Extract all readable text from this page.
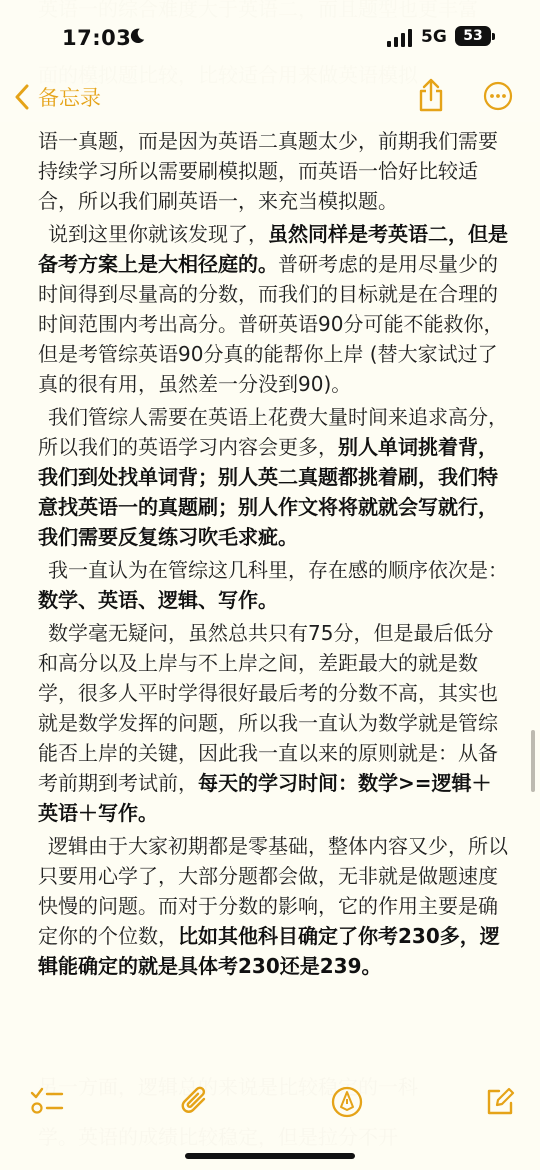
17:03	5G	53
备忘录

语一真题，而是因为英语二真题太少，前期我们需要持续学习所以需要刷模拟题，而英语一恰好比较适合，所以我们刷英语一，来充当模拟题。

说到这里你就该发现了，虽然同样是考英语二，但是备考方案上是大相径庭的。普研考虑的是用尽量少的时间得到尽量高的分数，而我们的目标就是在合理的时间范围内考出高分。普研英语90分可能不能救你，但是考管综英语90分真的能帮你上岸 (替大家试过了真的很有用，虽然差一分没到90)。

我们管综人需要在英语上花费大量时间来追求高分，所以我们的英语学习内容会更多，别人单词挑着背，我们到处找单词背；别人英二真题都挑着刷，我们特意找英语一的真题刷；别人作文将将就就会写就行，我们需要反复练习吹毛求疵。

我一直认为在管综这几科里，存在感的顺序依次是：数学、英语、逻辑、写作。

数学毫无疑问，虽然总共只有75分，但是最后低分和高分以及上岸与不上岸之间，差距最大的就是数学，很多人平时学得很好最后考的分数不高，其实也就是数学发挥的问题，所以我一直认为数学就是管综能否上岸的关键，因此我一直以来的原则就是：从备考前期到考试前，每天的学习时间：数学>=逻辑＋英语＋写作。

逻辑由于大家初期都是零基础，整体内容又少，所以只要用心学了，大部分题都会做，无非就是做题速度快慢的问题。而对于分数的影响，它的作用主要是确定你的个位数，比如其他科目确定了你考230多，逻辑能确定的就是具体考230还是239。
